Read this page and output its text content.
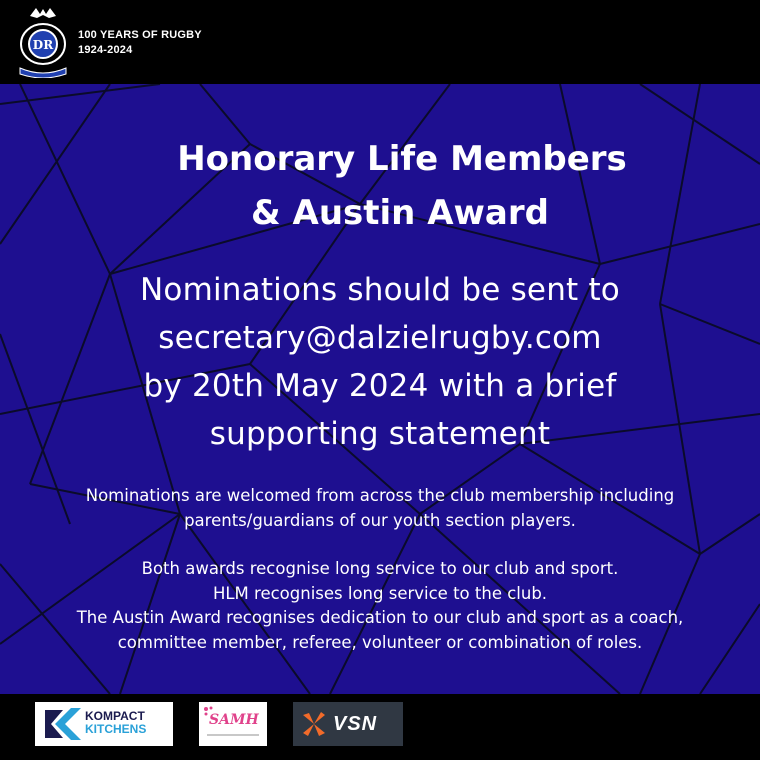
DR
100 YEARS OF RUGBY
1924-2024
Honorary Life Members
& Austin Award
Nominations should be sent to
secretary@dalzielrugby.com
by 20th May 2024 with a brief
supporting statement
Nominations are welcomed from across the club membership including
parents/guardians of our youth section players.
Both awards recognise long service to our club and sport.
HLM recognises long service to the club.
The Austin Award recognises dedication to our club and sport as a coach,
committee member, referee, volunteer or combination of roles.
KOMPACT
KITCHENS
SAMH	VSN
